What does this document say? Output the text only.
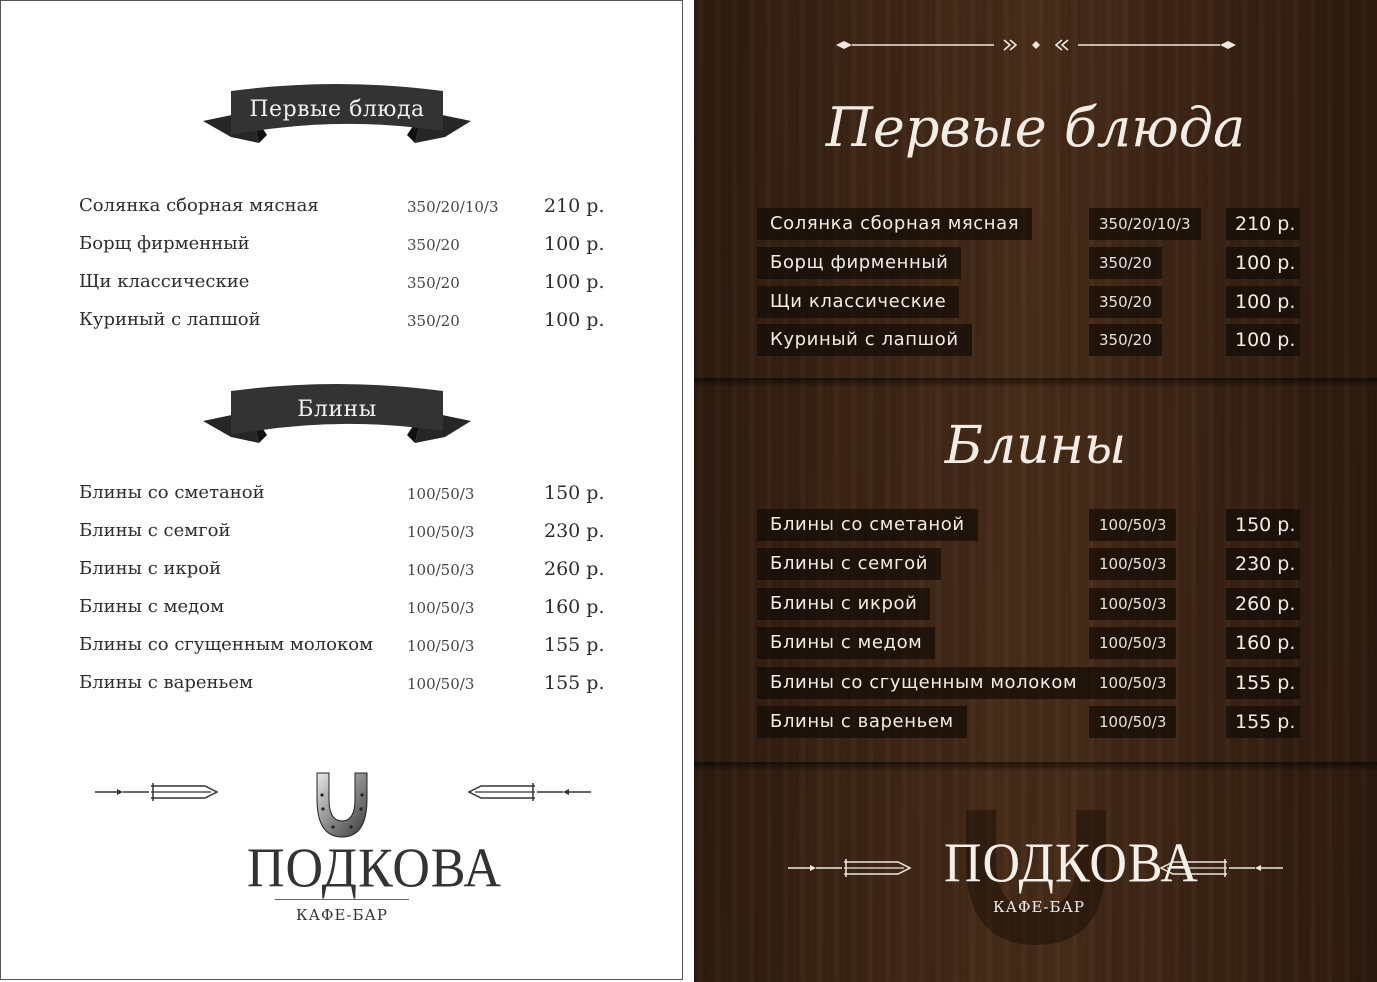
Первые блюда
Солянка сборная мясная	350/20/10/3 210 р.
Борщ фирменный	350/20	100 р.
Щи классические	350/20	100 р.
Куриный с лапшой	350/20	100 р.
Блины
Блины со сметаной	100/50/3	150 р.
Блины с семгой	100/50/3	230 р.
Блины с икрой	100/50/3	260 р.
Блины с медом	100/50/3	160 р.
Блины со сгущенным молоком 100/50/3	155 р.
Блины с вареньем	100/50/3	155 р.
ПОДКОВА
КАФЕ-БАР
Первые блюда
Солянка сборная мясная	350/20/10/3	210 р.
Борщ фирменный	350/20	100 р.
Щи классические	350/20	100 р.
Куриный с лапшой	350/20	100 р.
Блины
Блины со сметаной	100/50/3	150 р.
Блины с семгой	100/50/3	230 р.
Блины с икрой	100/50/3	260 р.
Блины с медом	100/50/3	160 р.
Блины со сгущенным молоком	100/50/3	155 р.
Блины с вареньем	100/50/3	155 р.
ПОДКОВА
КАФЕ-БАР
